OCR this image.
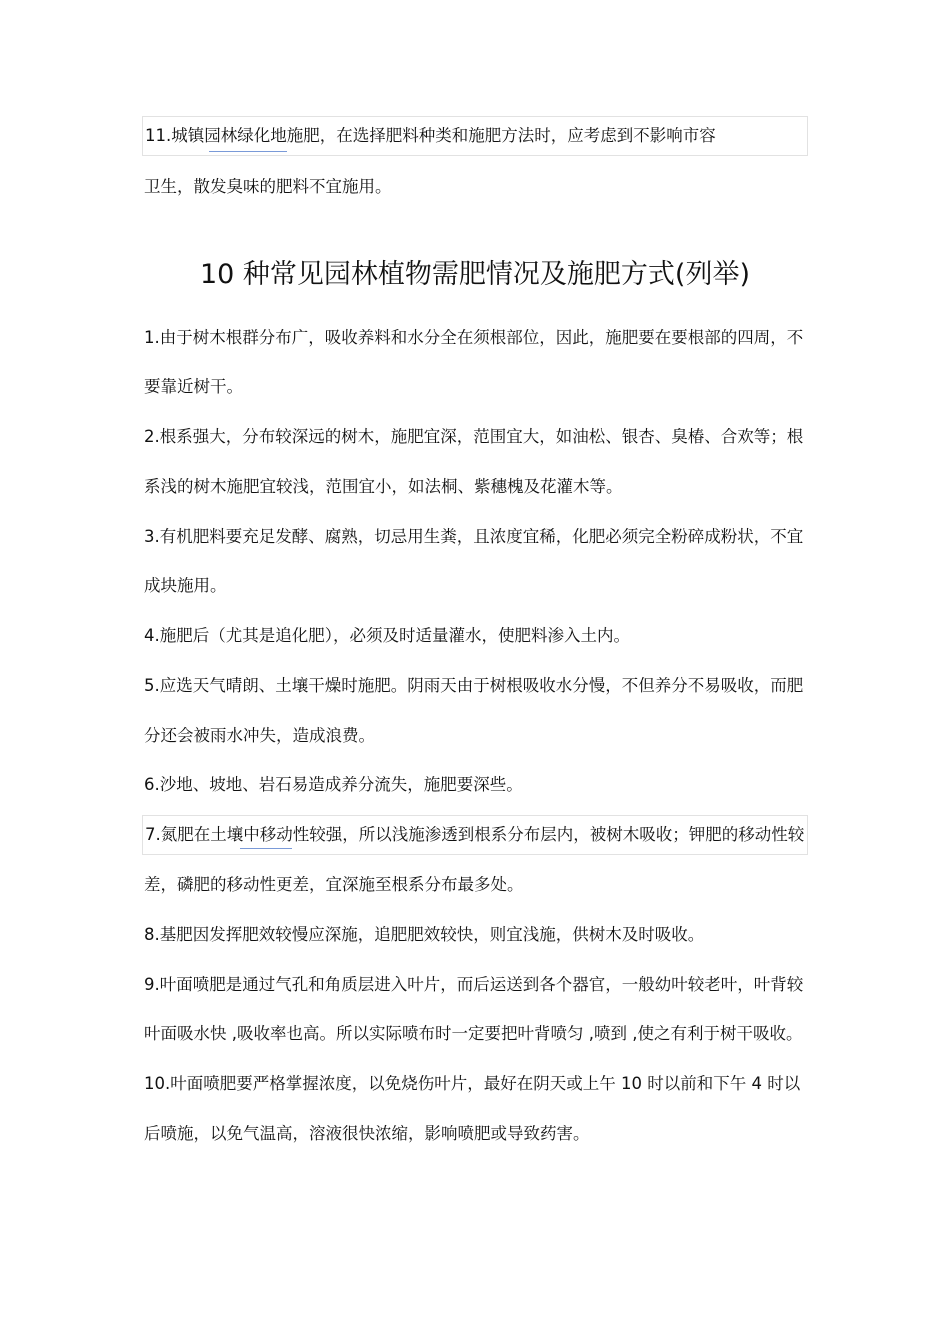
11.城镇园林绿化地施肥，在选择肥料种类和施肥方法时，应考虑到不影响市容
卫生，散发臭味的肥料不宜施用。
10 种常见园林植物需肥情况及施肥方式(列举)
1.由于树木根群分布广，吸收养料和水分全在须根部位，因此，施肥要在要根部的四周，不
要靠近树干。
2.根系强大，分布较深远的树木，施肥宜深，范围宜大，如油松、银杏、臭椿、合欢等；根
系浅的树木施肥宜较浅，范围宜小，如法桐、紫穗槐及花灌木等。
3.有机肥料要充足发酵、腐熟，切忌用生粪，且浓度宜稀，化肥必须完全粉碎成粉状，不宜
成块施用。
4.施肥后（尤其是追化肥），必须及时适量灌水，使肥料渗入土内。
5.应选天气晴朗、土壤干燥时施肥。阴雨天由于树根吸收水分慢，不但养分不易吸收，而肥
分还会被雨水冲失，造成浪费。
6.沙地、坡地、岩石易造成养分流失，施肥要深些。
7.氮肥在土壤中移动性较强，所以浅施渗透到根系分布层内，被树木吸收；钾肥的移动性较
差，磷肥的移动性更差，宜深施至根系分布最多处。
8.基肥因发挥肥效较慢应深施，追肥肥效较快，则宜浅施，供树木及时吸收。
9.叶面喷肥是通过气孔和角质层进入叶片，而后运送到各个器官，一般幼叶较老叶，叶背较
叶面吸水快 ,吸收率也高。所以实际喷布时一定要把叶背喷匀 ,喷到 ,使之有利于树干吸收。
10.叶面喷肥要严格掌握浓度，以免烧伤叶片，最好在阴天或上午 10 时以前和下午 4 时以
后喷施，以免气温高，溶液很快浓缩，影响喷肥或导致药害。
